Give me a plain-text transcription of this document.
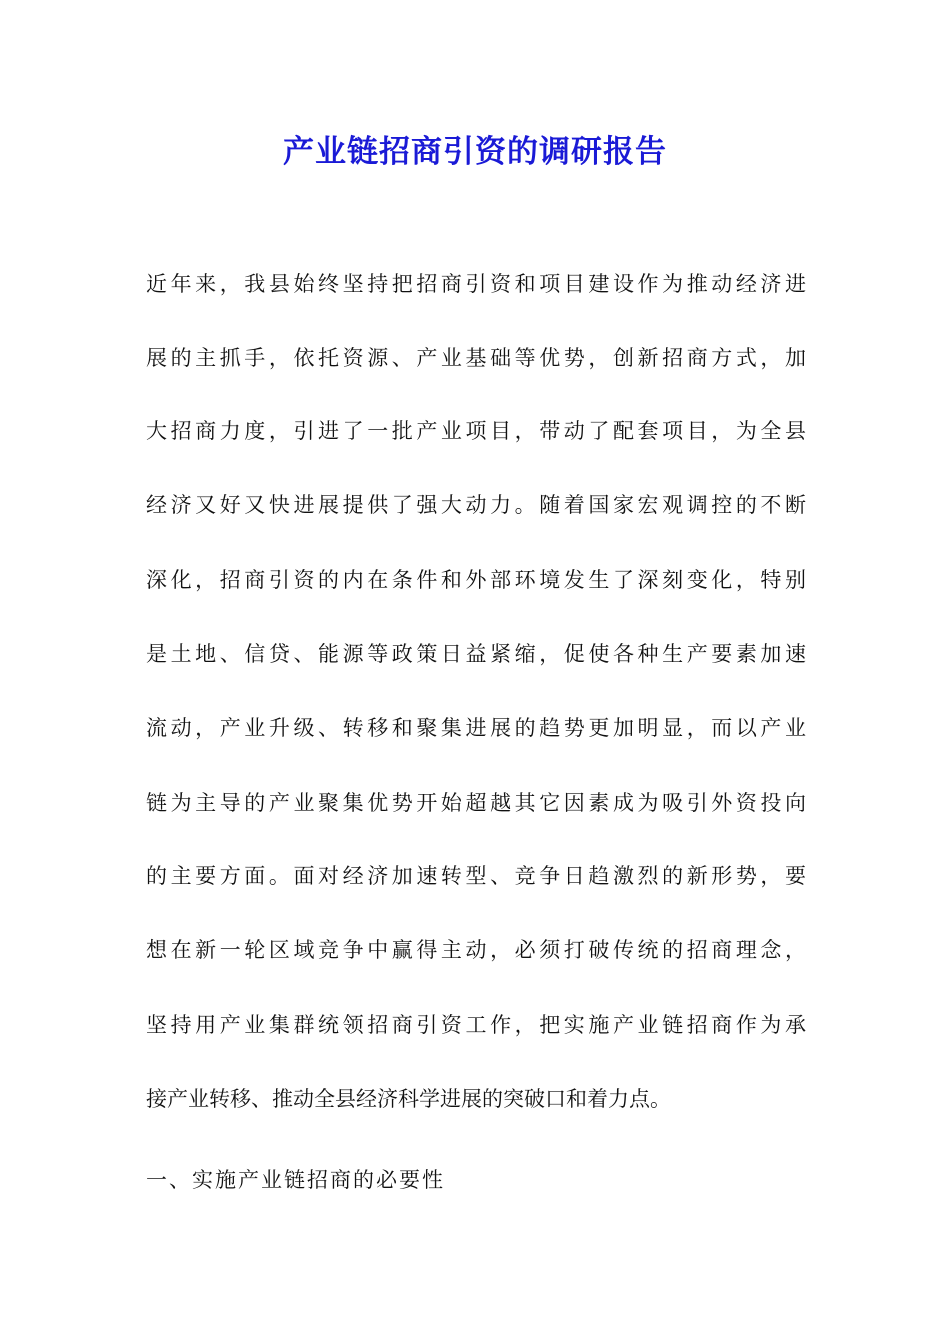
产业链招商引资的调研报告
近年来，我县始终坚持把招商引资和项目建设作为推动经济进
展的主抓手，依托资源、产业基础等优势，创新招商方式，加
大招商力度，引进了一批产业项目，带动了配套项目，为全县
经济又好又快进展提供了强大动力。随着国家宏观调控的不断
深化，招商引资的内在条件和外部环境发生了深刻变化，特别
是土地、信贷、能源等政策日益紧缩，促使各种生产要素加速
流动，产业升级、转移和聚集进展的趋势更加明显，而以产业
链为主导的产业聚集优势开始超越其它因素成为吸引外资投向
的主要方面。面对经济加速转型、竞争日趋激烈的新形势，要
想在新一轮区域竞争中赢得主动，必须打破传统的招商理念，
坚持用产业集群统领招商引资工作，把实施产业链招商作为承
接产业转移、推动全县经济科学进展的突破口和着力点。
一、实施产业链招商的必要性
